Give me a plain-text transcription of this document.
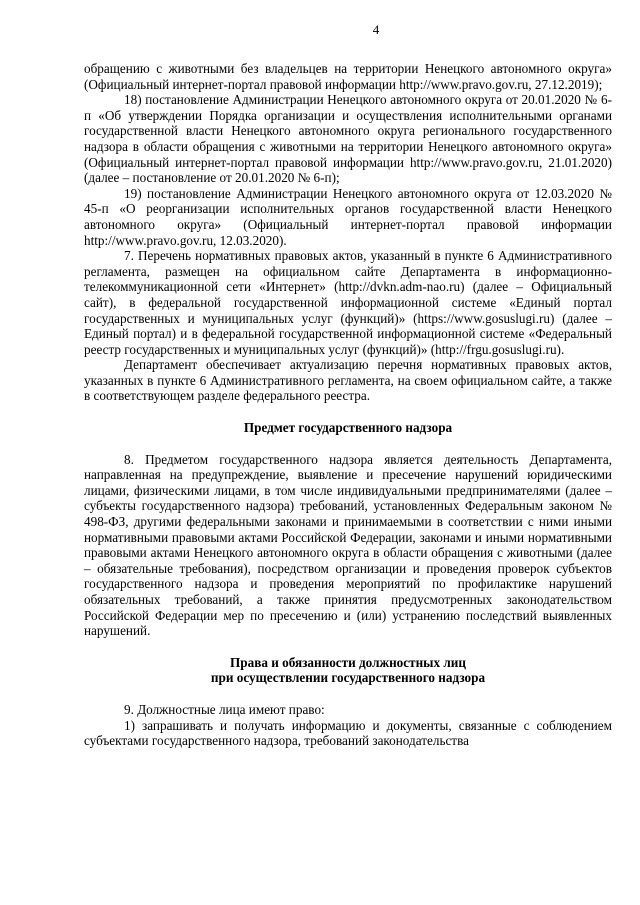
4

обращению с животными без владельцев на территории Ненецкого автономного округа» (Официальный интернет-портал правовой информации http://www.pravo.gov.ru, 27.12.2019);

18) постановление Администрации Ненецкого автономного округа от 20.01.2020 № 6-п «Об утверждении Порядка организации и осуществления исполнительными органами государственной власти Ненецкого автономного округа регионального государственного надзора в области обращения с животными на территории Ненецкого автономного округа» (Официальный интернет-портал правовой информации http://www.pravo.gov.ru, 21.01.2020) (далее – постановление от 20.01.2020 № 6-п);

19) постановление Администрации Ненецкого автономного округа от 12.03.2020 № 45-п «О реорганизации исполнительных органов государственной власти Ненецкого автономного округа» (Официальный интернет-портал правовой информации http://www.pravo.gov.ru, 12.03.2020).

7. Перечень нормативных правовых актов, указанный в пункте 6 Административного регламента, размещен на официальном сайте Департамента в информационно-телекоммуникационной сети «Интернет» (http://dvkn.adm-nao.ru) (далее – Официальный сайт), в федеральной государственной информационной системе «Единый портал государственных и муниципальных услуг (функций)» (https://www.gosuslugi.ru) (далее – Единый портал) и в федеральной государственной информационной системе «Федеральный реестр государственных и муниципальных услуг (функций)» (http://frgu.gosuslugi.ru).

Департамент обеспечивает актуализацию перечня нормативных правовых актов, указанных в пункте 6 Административного регламента, на своем официальном сайте, а также в соответствующем разделе федерального реестра.

Предмет государственного надзора

8. Предметом государственного надзора является деятельность Департамента, направленная на предупреждение, выявление и пресечение нарушений юридическими лицами, физическими лицами, в том числе индивидуальными предпринимателями (далее – субъекты государственного надзора) требований, установленных Федеральным законом № 498-ФЗ, другими федеральными законами и принимаемыми в соответствии с ними иными нормативными правовыми актами Российской Федерации, законами и иными нормативными правовыми актами Ненецкого автономного округа в области обращения с животными (далее – обязательные требования), посредством организации и проведения проверок субъектов государственного надзора и проведения мероприятий по профилактике нарушений обязательных требований, а также принятия предусмотренных законодательством Российской Федерации мер по пресечению и (или) устранению последствий выявленных нарушений.

Права и обязанности должностных лиц

при осуществлении государственного надзора

9. Должностные лица имеют право:

1) запрашивать и получать информацию и документы, связанные с соблюдением субъектами государственного надзора, требований законодательства
